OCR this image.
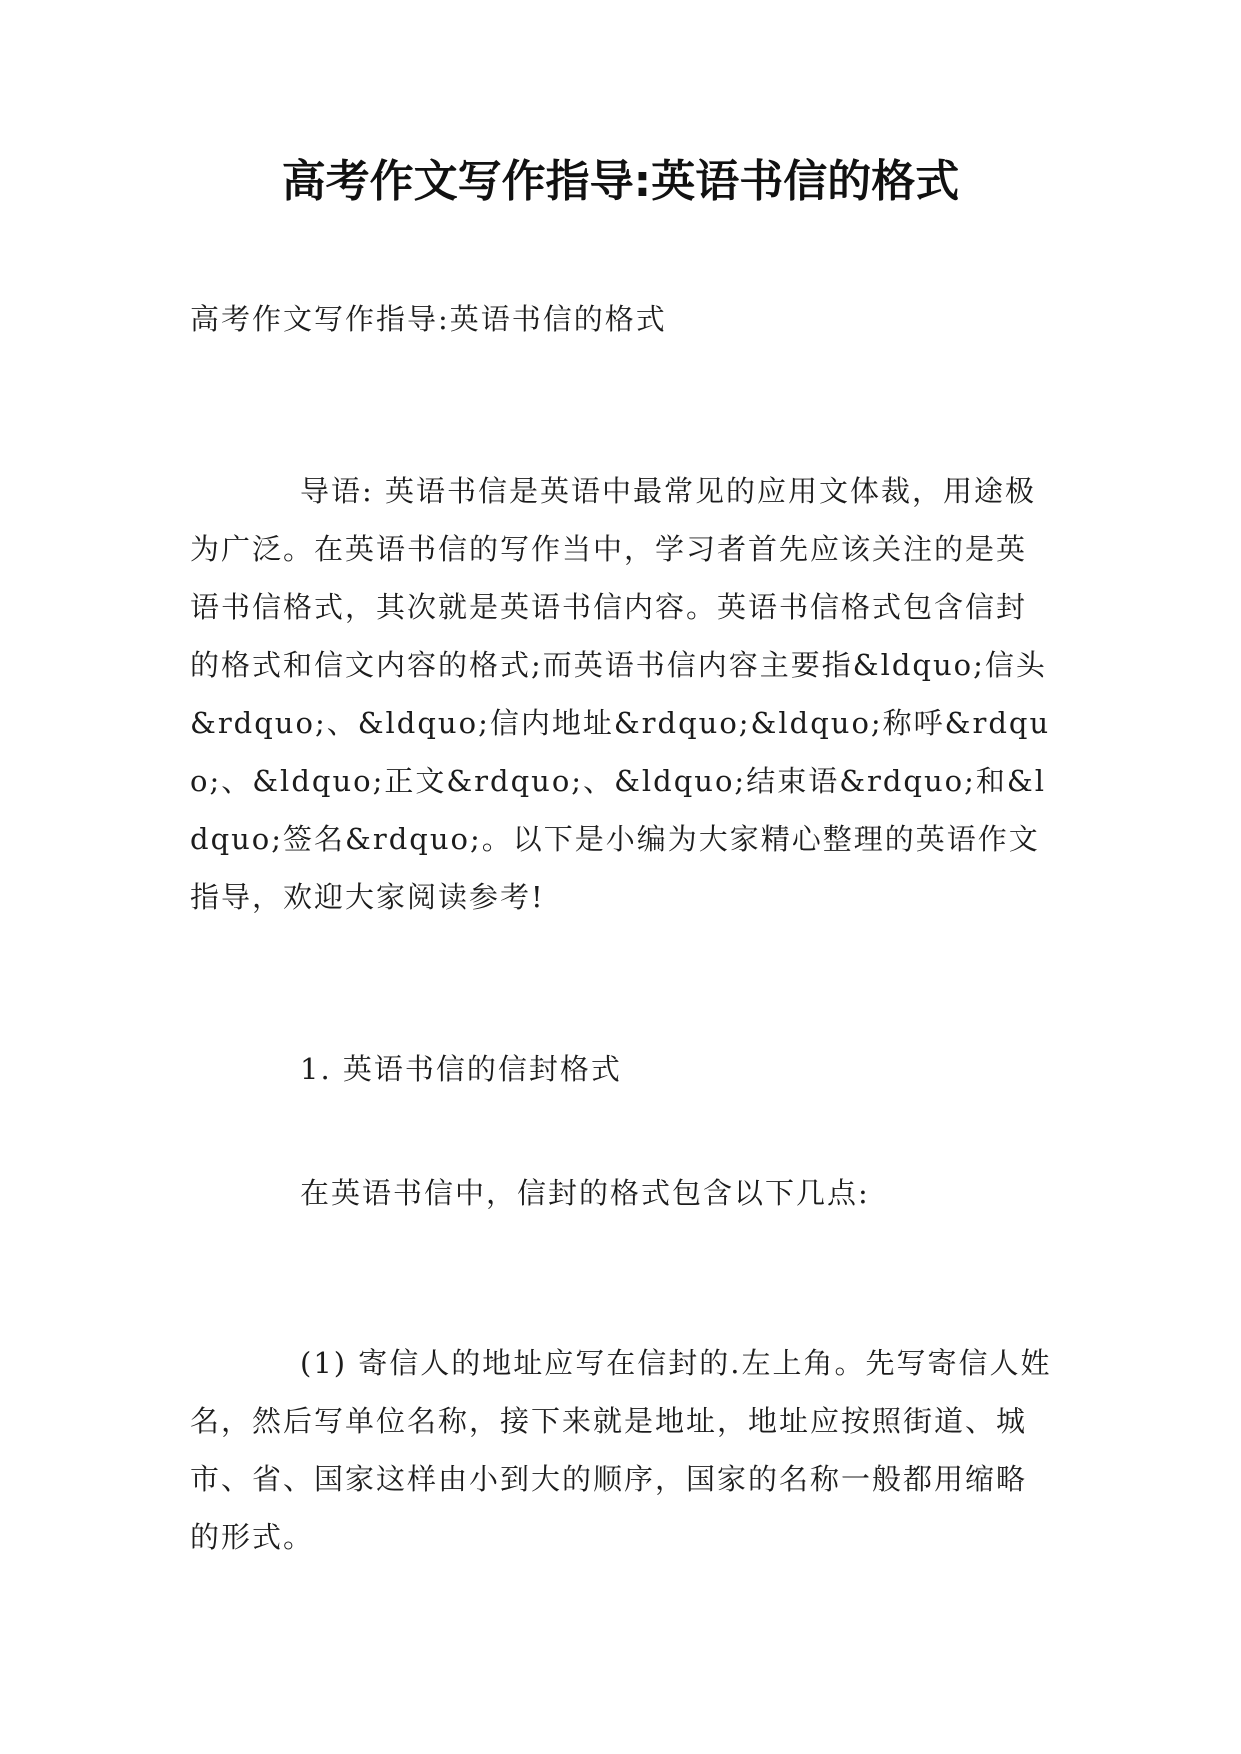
高考作文写作指导:英语书信的格式
高考作文写作指导:英语书信的格式
导语: 英语书信是英语中最常见的应用文体裁，用途极为广泛。在英语书信的写作当中，学习者首先应该关注的是英语书信格式，其次就是英语书信内容。英语书信格式包含信封的格式和信文内容的格式;而英语书信内容主要指&ldquo;信头&rdquo;、&ldquo;信内地址&rdquo;&ldquo;称呼&rdquo;、&ldquo;正文&rdquo;、&ldquo;结束语&rdquo;和&ldquo;签名&rdquo;。以下是小编为大家精心整理的英语作文指导，欢迎大家阅读参考!
1. 英语书信的信封格式
在英语书信中，信封的格式包含以下几点:
(1) 寄信人的地址应写在信封的.左上角。先写寄信人姓名，然后写单位名称，接下来就是地址，地址应按照街道、城市、省、国家这样由小到大的顺序，国家的名称一般都用缩略的形式。
